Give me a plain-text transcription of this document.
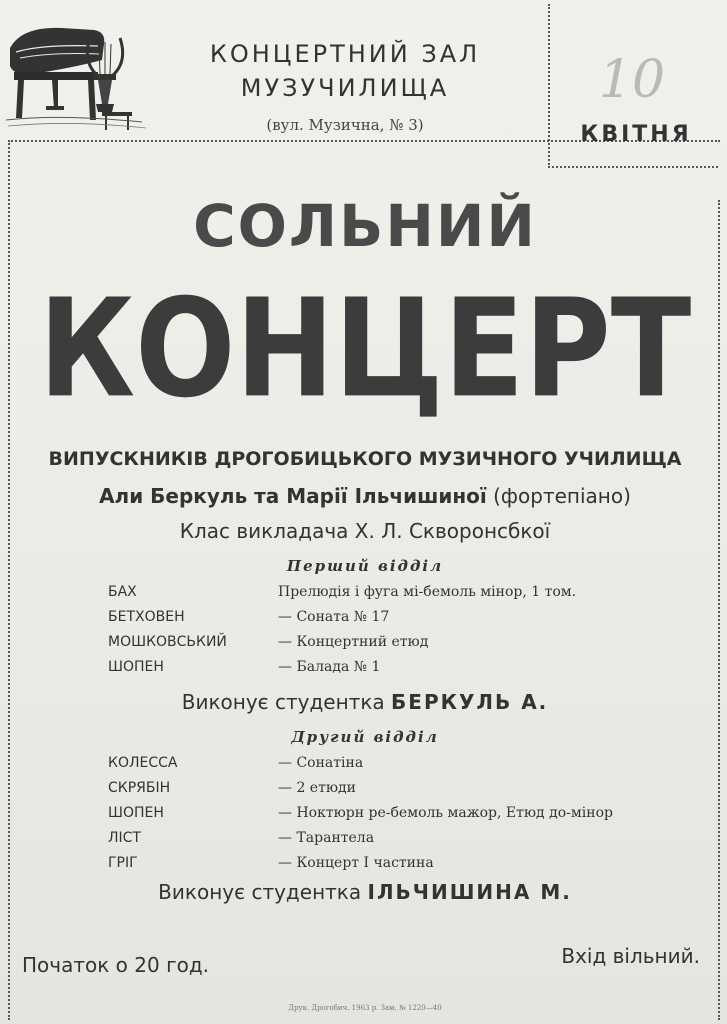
КОНЦЕРТНИЙ ЗАЛ
МУЗУЧИЛИЩА
(вул. Музична, № 3)
10
КВІТНЯ
СОЛЬНИЙ
КОНЦЕРТ
ВИПУСКНИКІВ ДРОГОБИЦЬКОГО МУЗИЧНОГО УЧИЛИЩА
Али Беркуль та Марії Ільчишиної (фортепіано)
Клас викладача Х. Л. Скворонсбкої
Перший відділ
БАХ	Прелюдія і фуга мі-бемоль мінор, 1 том.
БЕТХОВЕН	— Соната № 17
МОШКОВСЬКИЙ	— Концертний етюд
ШОПЕН	— Балада № 1
Виконує студентка БЕРКУЛЬ А.
Другий відділ
КОЛЕССА	— Сонатіна
СКРЯБІН	— 2 етюди
ШОПЕН	— Ноктюрн ре-бемоль мажор, Етюд до-мінор
ЛІСТ	— Тарантела
ГРІГ	— Концерт І частина
Виконує студентка ІЛЬЧИШИНА М.
Початок о 20 год.	Вхід вільний.
Друк. Дрогобич. 1963 р. Зам. № 1220—40
